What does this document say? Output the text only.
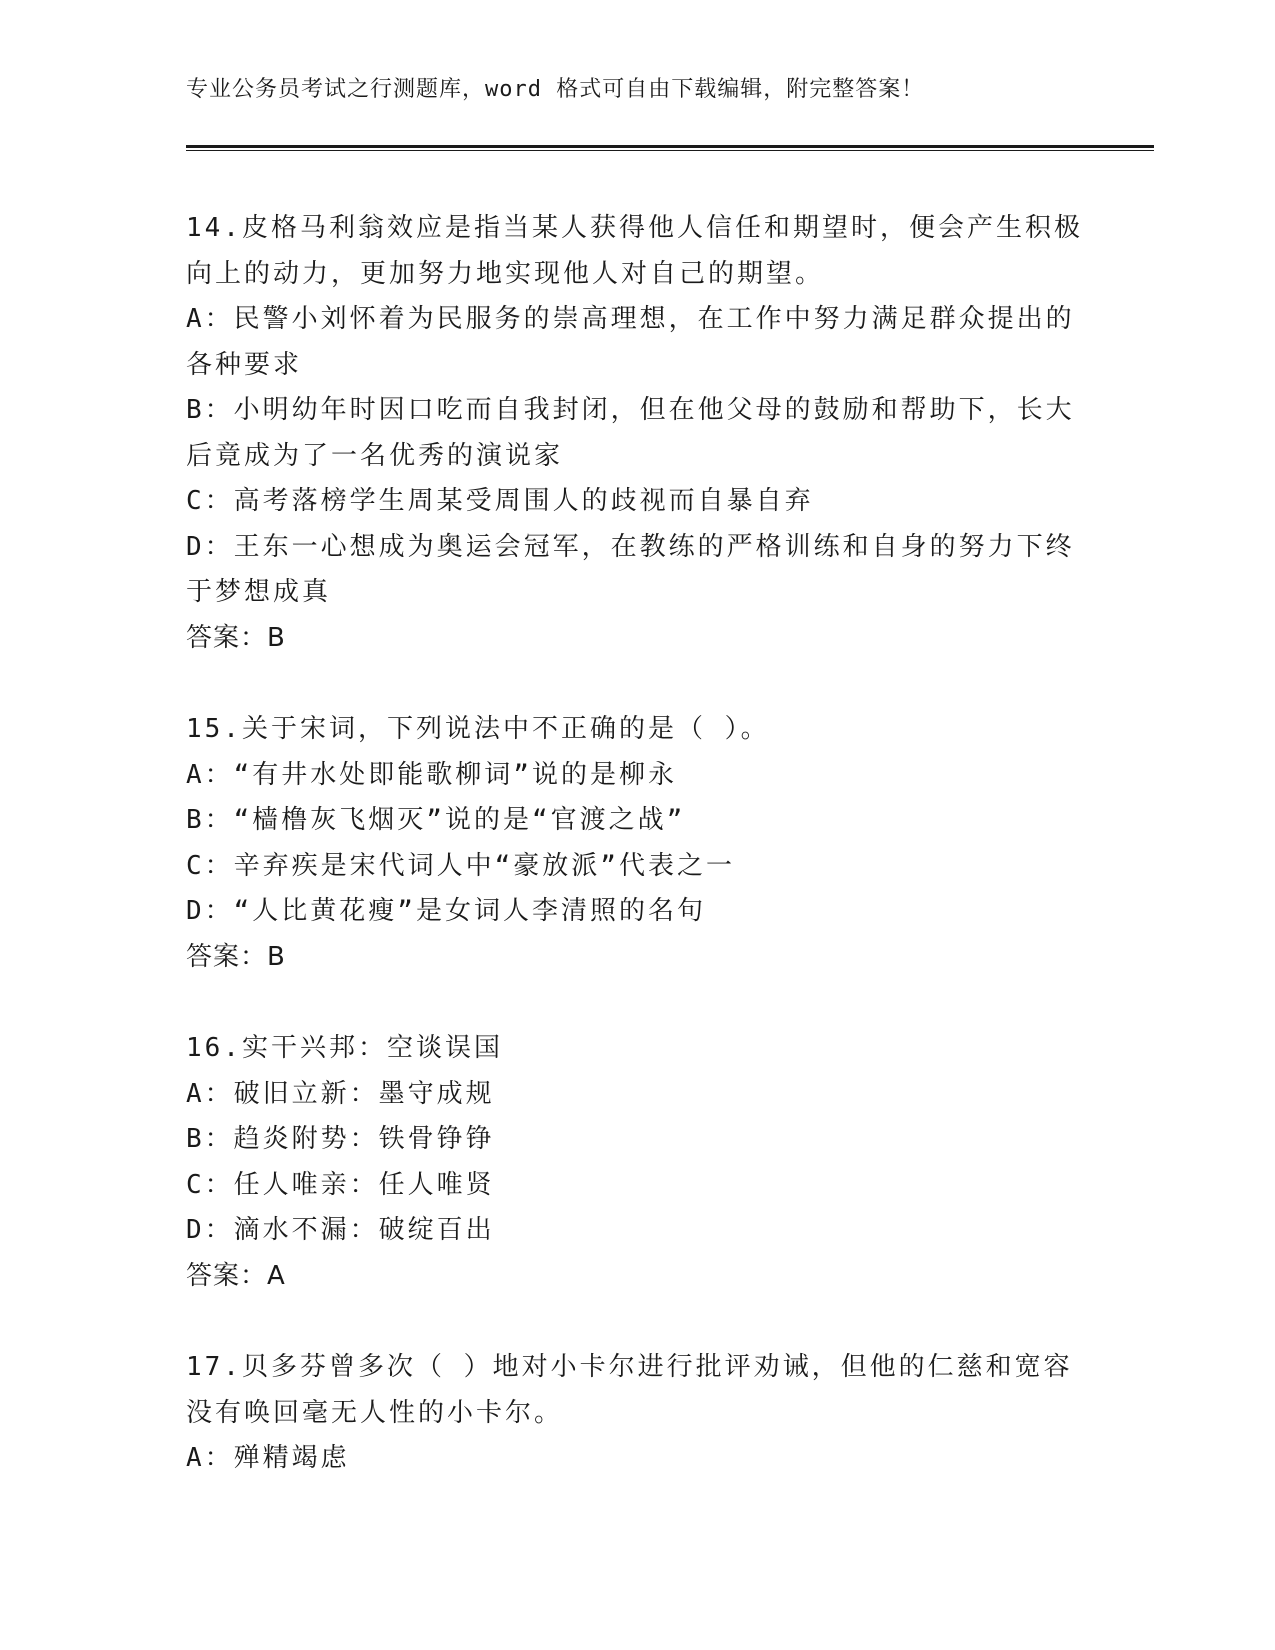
专业公务员考试之行测题库，word 格式可自由下载编辑，附完整答案！
14.皮格马利翁效应是指当某人获得他人信任和期望时，便会产生积极
向上的动力，更加努力地实现他人对自己的期望。
A：民警小刘怀着为民服务的崇高理想，在工作中努力满足群众提出的
各种要求
B：小明幼年时因口吃而自我封闭，但在他父母的鼓励和帮助下，长大
后竟成为了一名优秀的演说家
C：高考落榜学生周某受周围人的歧视而自暴自弃
D：王东一心想成为奥运会冠军，在教练的严格训练和自身的努力下终
于梦想成真
答案：B
15.关于宋词，下列说法中不正确的是（ ）。
A：“有井水处即能歌柳词”说的是柳永
B：“樯橹灰飞烟灭”说的是“官渡之战”
C：辛弃疾是宋代词人中“豪放派”代表之一
D：“人比黄花瘦”是女词人李清照的名句
答案：B
16.实干兴邦：空谈误国
A：破旧立新：墨守成规
B：趋炎附势：铁骨铮铮
C：任人唯亲：任人唯贤
D：滴水不漏：破绽百出
答案：A
17.贝多芬曾多次（ ）地对小卡尔进行批评劝诫，但他的仁慈和宽容
没有唤回毫无人性的小卡尔。
A：殚精竭虑
